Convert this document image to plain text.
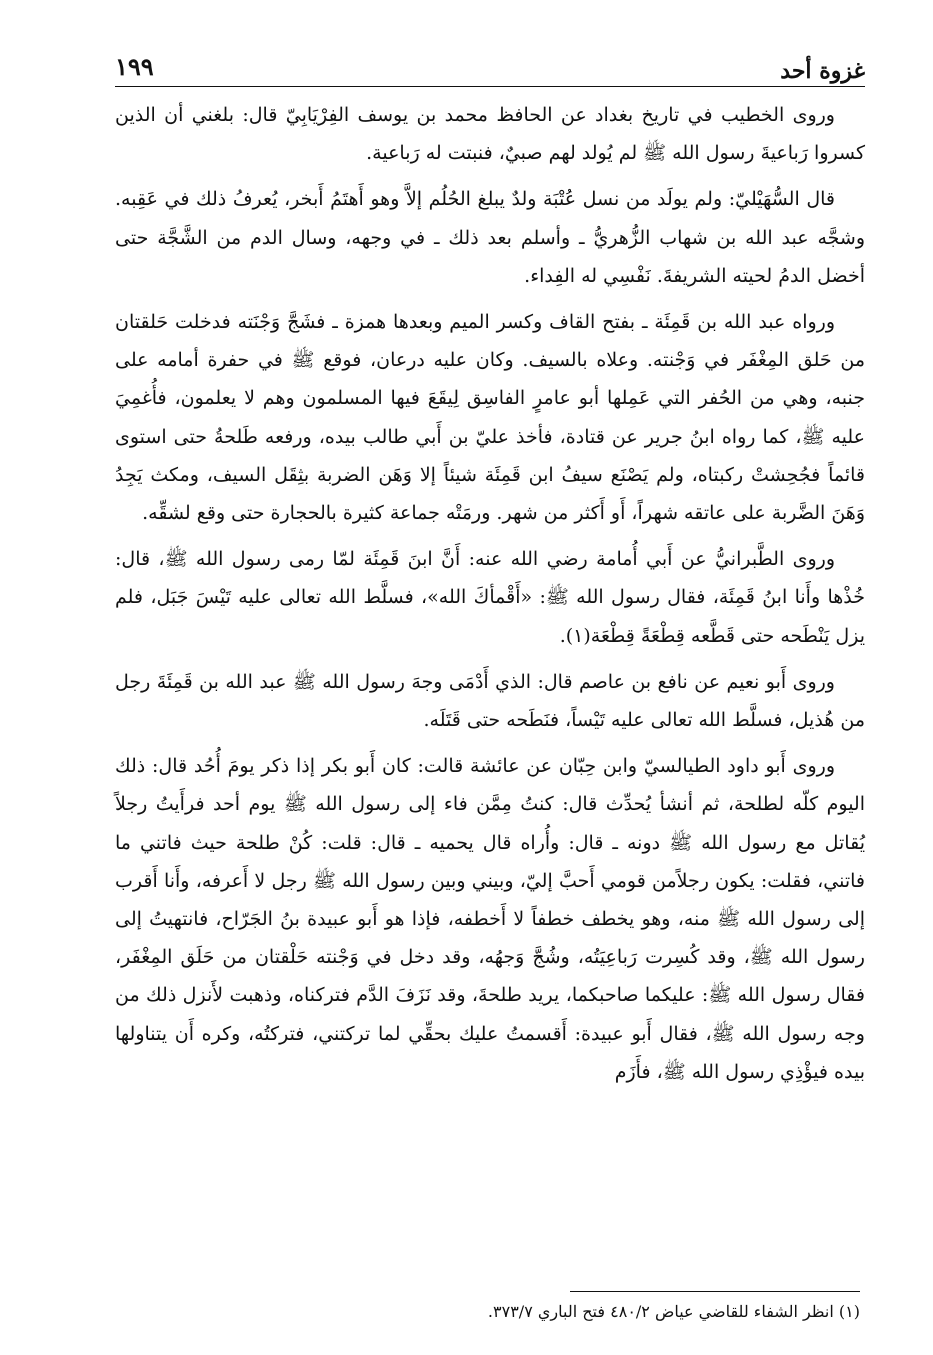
غزوة أحد
١٩٩

وروى الخطيب في تاريخ بغداد عن الحافظ محمد بن يوسف الفِرْيَابِيّ قال: بلغني أن الذين كسروا رَباعيةَ رسول الله ﷺ لم يُولد لهم صبيٌ، فنبتت له رَباعية.

قال السُّهَيْليّ: ولم يولَد من نسل عُتْبَة ولدٌ يبلغ الحُلُم إلاَّ وهو أَهتَمُ أَبخر، يُعرفُ ذلك في عَقِبه. وشجَّه عبد الله بن شهاب الزُّهريُّ ـ وأسلم بعد ذلك ـ في وجهه، وسال الدم من الشَّجَّة حتى أخضل الدمُ لحيته الشريفةَ. نَفْسِي له الفِداء.

ورواه عبد الله بن قَمِئَة ـ بفتح القاف وكسر الميم وبعدها همزة ـ فشَجَّ وَجْنَته فدخلت حَلقتان من حَلق المِغْفَر في وَجْنته. وعلاه بالسيف. وكان عليه درعان، فوقع ﷺ في حفرة أمامه على جنبه، وهي من الحُفر التي عَمِلها أبو عامرٍ الفاسِق لِيقَعَ فيها المسلمون وهم لا يعلمون، فأُغمِيَ عليه ﷺ، كما رواه ابنُ جرير عن قتادة، فأخذ عليّ بن أَبي طالب بيده، ورفعه طَلحةُ حتى استوى قائماً فجُحِشتْ ركبتاه، ولم يَصْنَع سيفُ ابن قَمِئَة شيئاً إلا وَهَن الضربة بثِقَل السيف، ومكث يَجِدُ وَهَنَ الضَّربة على عاتقه شهراً، أَو أَكثر من شهر. ورمَتْه جماعة كثيرة بالحجارة حتى وقع لشقِّه.

وروى الطَّبرانيُّ عن أَبي أُمامة رضي الله عنه: أَنَّ ابنَ قَمِئَة لمّا رمى رسول الله ﷺ، قال: خُذْها وأَنا ابنُ قَمِئَة، فقال رسول الله ﷺ: «أَقْمأكَ الله»، فسلَّط الله تعالى عليه تَيْسَ جَبَل، فلم يزل يَنْطَحه حتى قَطَّعه قِطْعَةً قِطْعَة(١).

وروى أَبو نعيم عن نافع بن عاصم قال: الذي أَدْمَى وجهَ رسول الله ﷺ عبد الله بن قَمِئَةَ رجل من هُذيل، فسلَّط الله تعالى عليه تَيْساً، فنَطَحه حتى قَتَلَه.

وروى أَبو داود الطيالسيّ وابن حِبّان عن عائشة قالت: كان أَبو بكر إذا ذكر يومَ أُحُد قال: ذلك اليوم كلّه لطلحة، ثم أنشأ يُحدِّث قال: كنتُ مِمَّن فاء إلى رسول الله ﷺ يوم أحد فرأَيتُ رجلاً يُقاتل مع رسول الله ﷺ دونه ـ قال: وأُراه قال يحميه ـ قال: قلت: كُنْ طلحة حيث فاتني ما فاتني، فقلت: يكون رجلاًمن قومي أَحبَّ إليّ، وبيني وبين رسول الله ﷺ رجل لا أَعرفه، وأَنا أَقرب إلى رسول الله ﷺ منه، وهو يخطف خطفاً لا أَخطفه، فإذا هو أَبو عبيدة بنُ الجَرّاح، فانتهيتُ إلى رسول الله ﷺ، وقد كُسِرت رَباعِيَتُه، وشُجَّ وَجهُه، وقد دخل في وَجْنته حَلْقتان من حَلَق المِغْفَر، فقال رسول الله ﷺ: عليكما صاحبكما، يريد طلحةَ، وقد نَزَفَ الدَّم فتركناه، وذهبت لأَنزل ذلك من وجه رسول الله ﷺ، فقال أَبو عبيدة: أَقسمتُ عليك بحقِّي لما تركتني، فتركتُه، وكره أَن يتناولها بيده فيؤْذِي رسول الله ﷺ، فأَزَم

(١) انظر الشفاء للقاضي عياض ٤٨٠/٢ فتح الباري ٣٧٣/٧.
